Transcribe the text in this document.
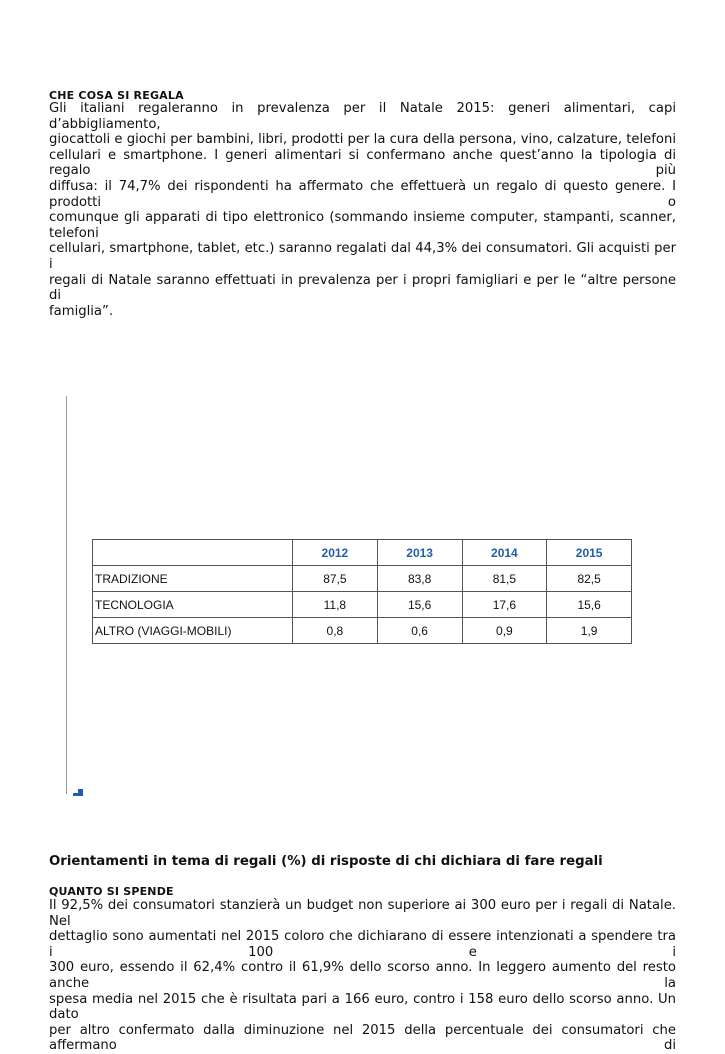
CHE COSA SI REGALA
Gli italiani regaleranno in prevalenza per il Natale 2015: generi alimentari, capi d’abbigliamento,
giocattoli e giochi per bambini, libri, prodotti per la cura della persona, vino, calzature, telefoni
cellulari e smartphone. I generi alimentari si confermano anche quest’anno la tipologia di regalo più
diffusa: il 74,7% dei rispondenti ha affermato che effettuerà un regalo di questo genere. I prodotti o
comunque gli apparati di tipo elettronico (sommando insieme computer, stampanti, scanner, telefoni
cellulari, smartphone, tablet, etc.) saranno regalati dal 44,3% dei consumatori. Gli acquisti per i
regali di Natale saranno effettuati in prevalenza per i propri famigliari e per le “altre persone di
famiglia”.
	2012	2013	2014	2015
TRADIZIONE	87,5	83,8	81,5	82,5
TECNOLOGIA	11,8	15,6	17,6	15,6
ALTRO (VIAGGI-MOBILI)	0,8	0,6	0,9	1,9
Orientamenti in tema di regali (%) di risposte di chi dichiara di fare regali
QUANTO SI SPENDE
Il 92,5% dei consumatori stanzierà un budget non superiore ai 300 euro per i regali di Natale. Nel
dettaglio sono aumentati nel 2015 coloro che dichiarano di essere intenzionati a spendere tra i 100 e i
300 euro, essendo il 62,4% contro il 61,9% dello scorso anno. In leggero aumento del resto anche la
spesa media nel 2015 che è risultata pari a 166 euro, contro i 158 euro dello scorso anno. Un dato
per altro confermato dalla diminuzione nel 2015 della percentuale dei consumatori che affermano di
